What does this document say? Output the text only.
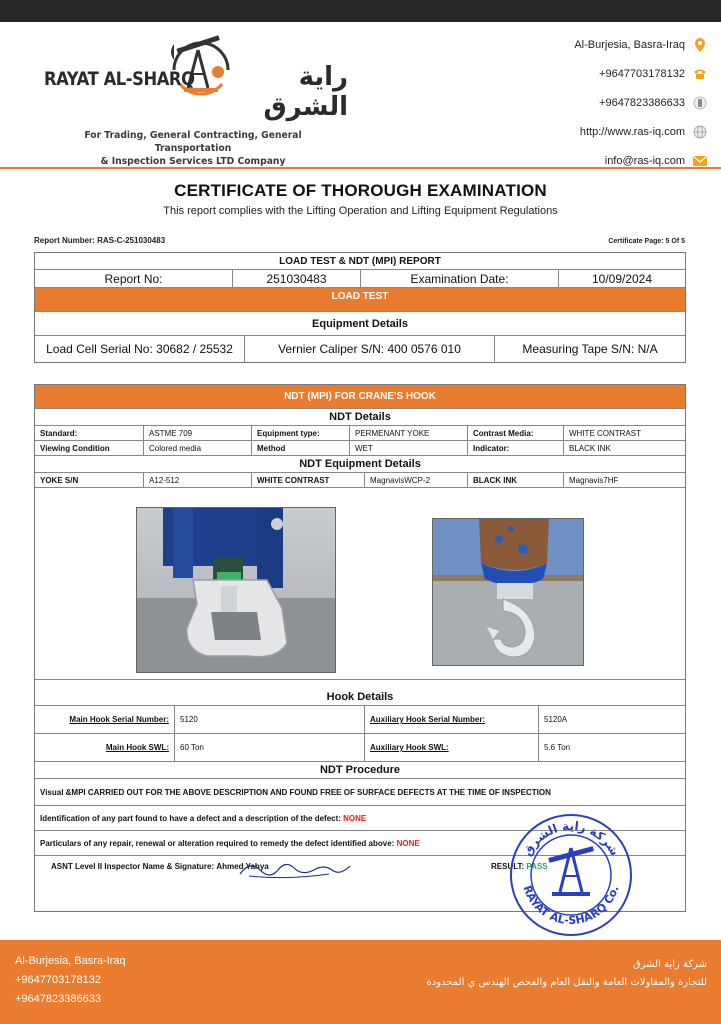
RAYAT AL-SHARQ	راية الشرق
For Trading, General Contracting, General Transportation
& Inspection Services LTD Company
Al-Burjesia, Basra-Iraq
+9647703178132
+9647823386633
http://www.ras-iq.com
info@ras-iq.com
CERTIFICATE OF THOROUGH EXAMINATION
This report complies with the Lifting Operation and Lifting Equipment Regulations
Report Number: RAS-C-251030483	Certificate Page: 5 Of 5
LOAD TEST & NDT (MPI) REPORT
Report No:	251030483	Examination Date:	10/09/2024
LOAD TEST
Equipment Details
Load Cell Serial No: 30682 / 25532	Vernier Caliper S/N: 400 0576 010	Measuring Tape S/N: N/A
NDT (MPI) FOR CRANE'S HOOK
NDT Details
Standard:	ASTME 709	Equipment type:	PERMENANT YOKE	Contrast Media:	WHITE CONTRAST
Viewing Condition	Colored media	Method	WET	Indicator:	BLACK INK
NDT Equipment Details
YOKE S/N	A12-512	WHITE CONTRAST	MagnavisWCP-2	BLACK INK	Magnavis7HF
Hook Details
Main Hook Serial Number:	5120	Auxiliary Hook Serial Number:	5120A
Main Hook SWL:	60 Ton	Auxiliary Hook SWL:	5.6 Ton
NDT Procedure
Visual &MPI CARRIED OUT FOR THE ABOVE DESCRIPTION AND FOUND FREE OF SURFACE DEFECTS AT THE TIME OF INSPECTION
Identification of any part found to have a defect and a description of the defect:
NONE
Particulars of any repair, renewal or alteration required to remedy the defect identified above:
NONE
ASNT Level II Inspector Name & Signature: Ahmed Yahya	RESULT: PASS
شركة راية الشرق
RAYAT AL-SHARQ Co.
Al-Burjesia, Basra-Iraq
+9647703178132
+9647823386633
شركة راية الشرق
للتجارة والمقاولات العامة والنقل العام والفحص الهندس ي المحدودة
